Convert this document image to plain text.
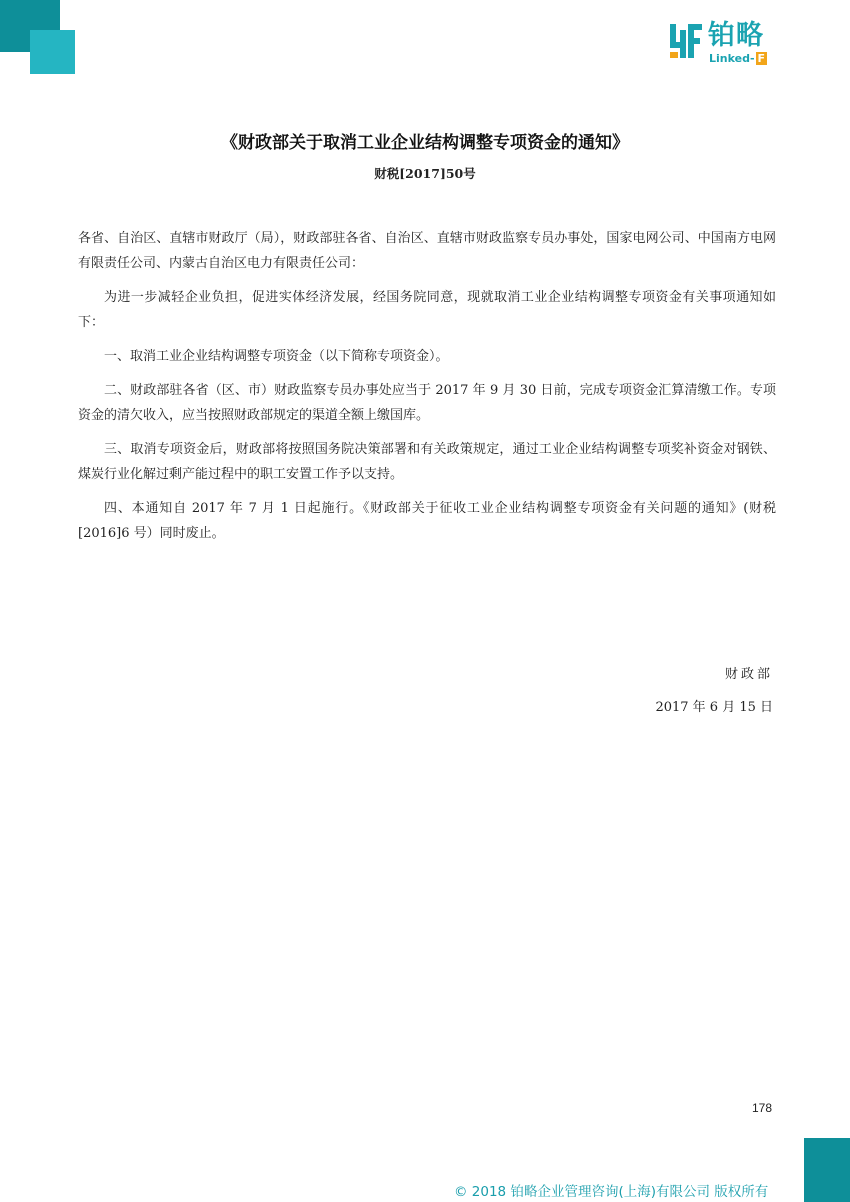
铂略
Linked- F
《财政部关于取消工业企业结构调整专项资金的通知》
财税[2017]50号

各省、自治区、直辖市财政厅（局），财政部驻各省、自治区、直辖市财政监察专员办事处，国家电网公司、中国南方电网有限责任公司、内蒙古自治区电力有限责任公司：

为进一步减轻企业负担，促进实体经济发展，经国务院同意，现就取消工业企业结构调整专项资金有关事项通知如下：

一、取消工业企业结构调整专项资金（以下简称专项资金）。

二、财政部驻各省（区、市）财政监察专员办事处应当于 2017 年 9 月 30 日前，完成专项资金汇算清缴工作。专项资金的清欠收入，应当按照财政部规定的渠道全额上缴国库。

三、取消专项资金后，财政部将按照国务院决策部署和有关政策规定，通过工业企业结构调整专项奖补资金对钢铁、煤炭行业化解过剩产能过程中的职工安置工作予以支持。

四、本通知自 2017 年 7 月 1 日起施行。《财政部关于征收工业企业结构调整专项资金有关问题的通知》(财税[2016]6 号）同时废止。

财政部
2017 年 6 月 15 日
178
© 2018 铂略企业管理咨询(上海)有限公司 版权所有
